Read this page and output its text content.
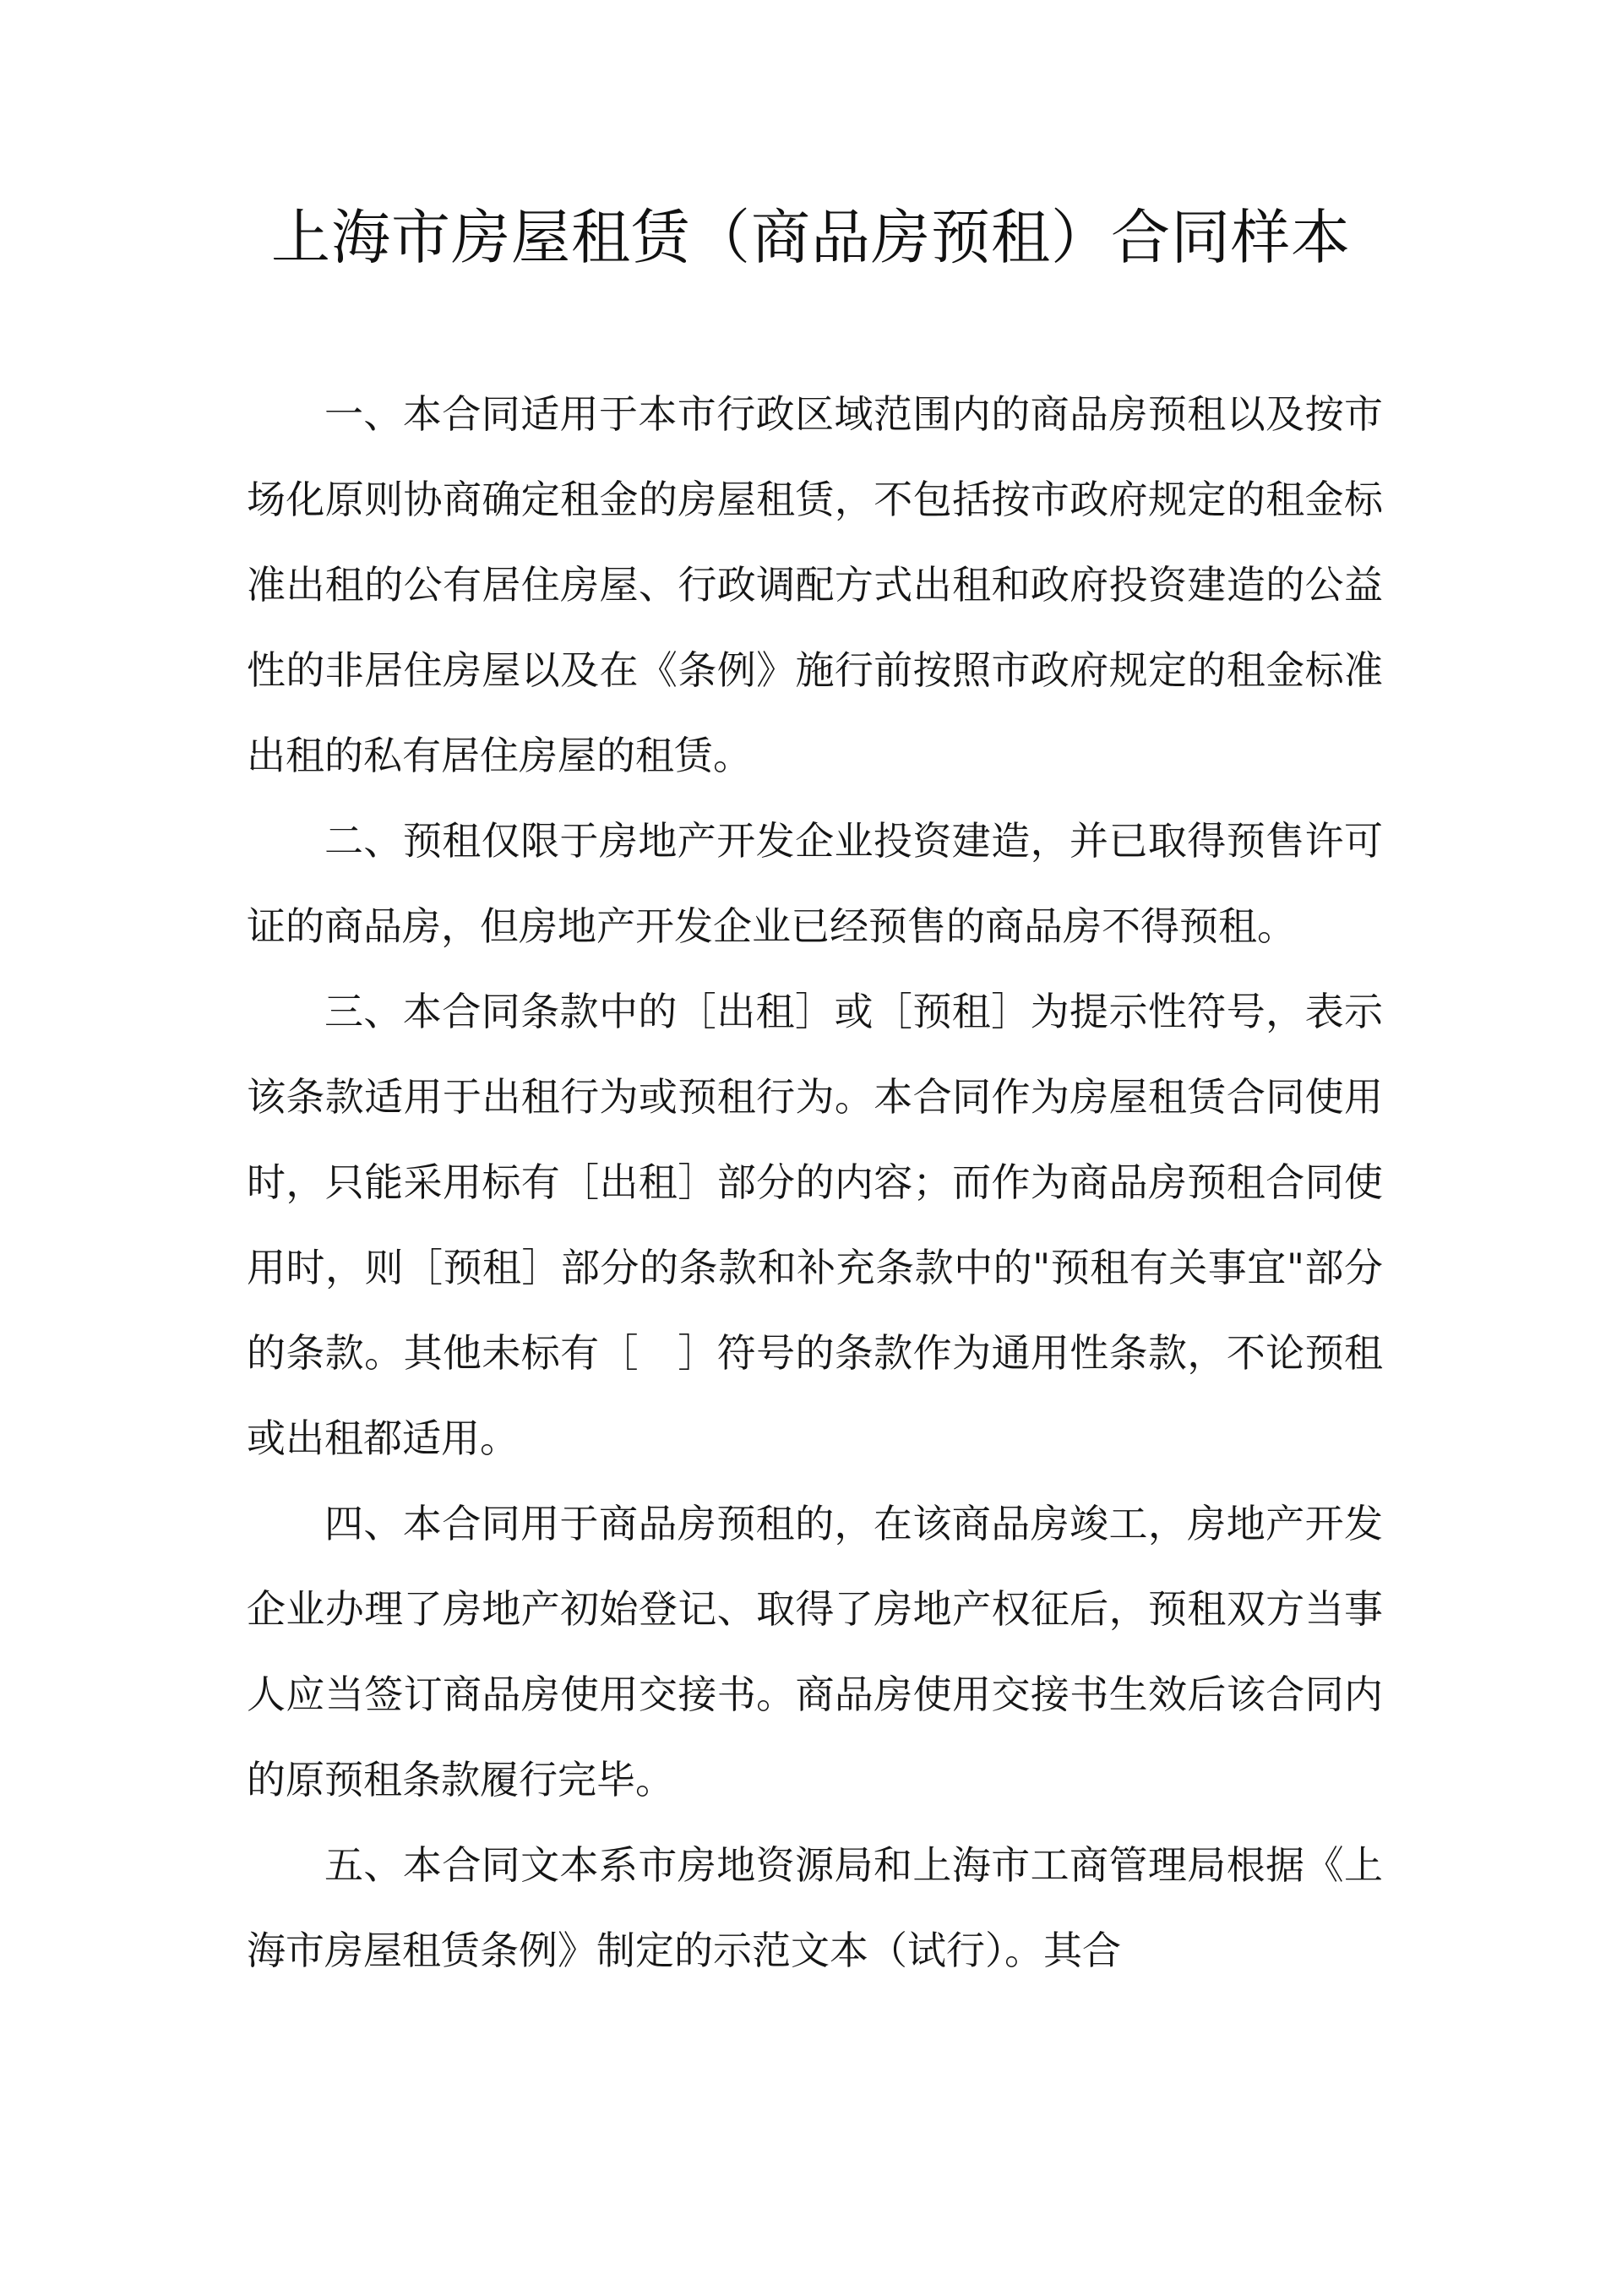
上海市房屋租赁（商品房预租）合同样本

一、本合同适用于本市行政区域范围内的商品房预租以及按市场化原则协商确定租金的房屋租赁，不包括按市政府规定的租金标准出租的公有居住房屋、行政调配方式出租和政府投资建造的公益性的非居住房屋以及在《条例》施行前按照市政府规定的租金标准出租的私有居住房屋的租赁。

二、预租仅限于房地产开发企业投资建造，并已取得预售许可证的商品房，但房地产开发企业已经预售的商品房不得预租。

三、本合同条款中的［出租］或［预租］为提示性符号，表示该条款适用于出租行为或预租行为。本合同作为房屋租赁合同使用时，只能采用标有［出租］部分的内容；而作为商品房预租合同使用时，则［预租］部分的条款和补充条款中的"预租有关事宜"部分的条款。其他未标有［　］符号的条款作为通用性条款，不论预租或出租都适用。

四、本合同用于商品房预租的，在该商品房竣工，房地产开发企业办理了房地产初始登记、取得了房地产权征后，预租双方当事人应当签订商品房使用交接书。商品房使用交接书生效后该合同内的原预租条款履行完毕。

五、本合同文本系市房地资源局和上海市工商管理局根据《上海市房屋租赁条例》制定的示范文本（试行）。其合
